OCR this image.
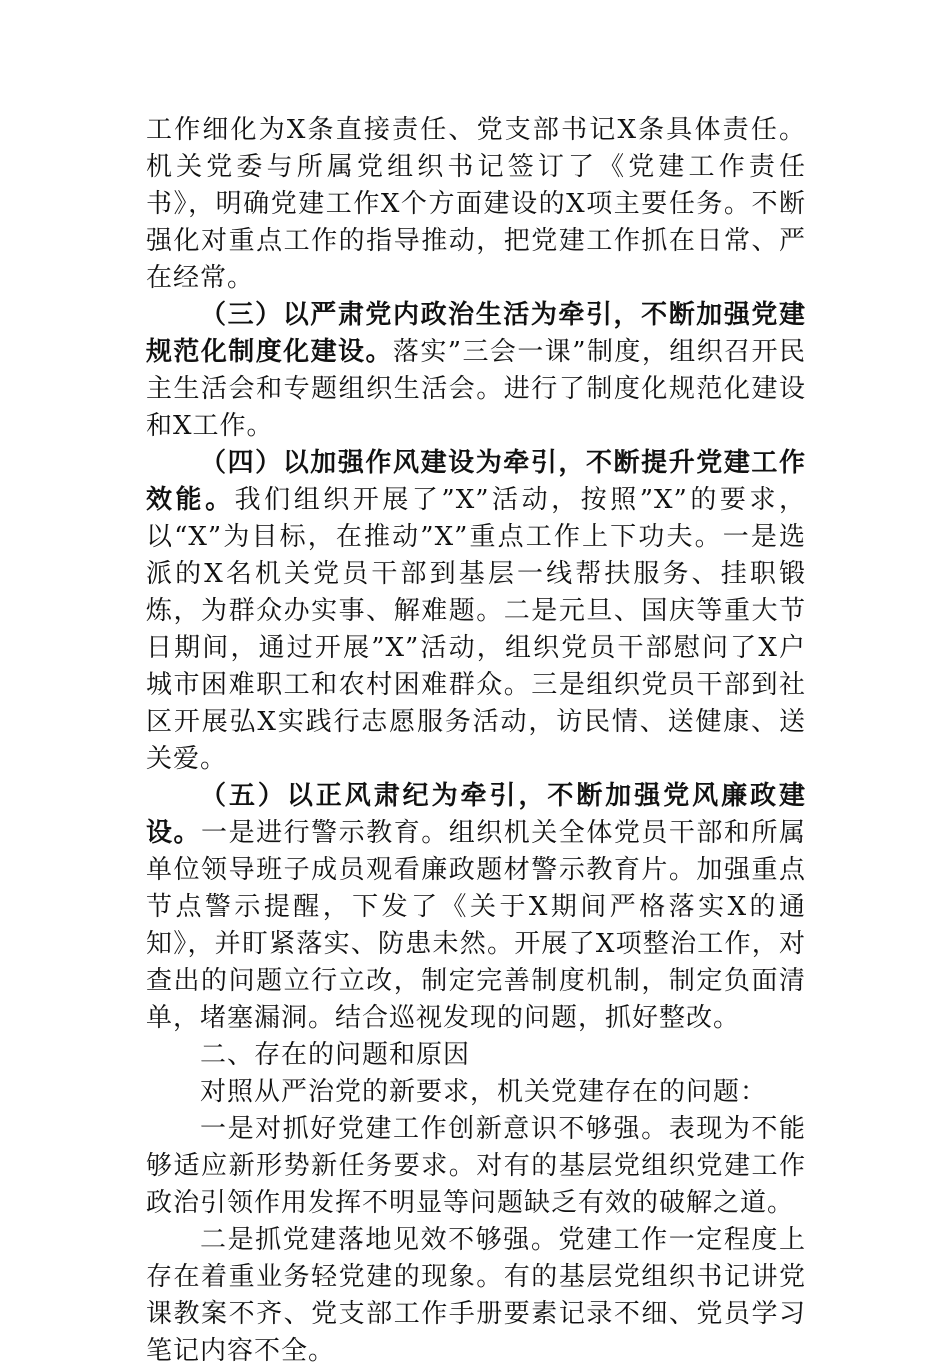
工作细化为X条直接责任、党支部书记X条具体责任。机关党委与所属党组织书记签订了《党建工作责任书》，明确党建工作X个方面建设的X项主要任务。不断强化对重点工作的指导推动，把党建工作抓在日常、严在经常。

（三）以严肃党内政治生活为牵引，不断加强党建规范化制度化建设。落实”三会一课”制度，组织召开民主生活会和专题组织生活会。进行了制度化规范化建设和X工作。

（四）以加强作风建设为牵引，不断提升党建工作效能。我们组织开展了”X”活动，按照”X”的要求，以“X”为目标，在推动”X”重点工作上下功夫。一是选派的X名机关党员干部到基层一线帮扶服务、挂职锻炼，为群众办实事、解难题。二是元旦、国庆等重大节日期间，通过开展”X”活动，组织党员干部慰问了X户城市困难职工和农村困难群众。三是组织党员干部到社区开展弘X实践行志愿服务活动，访民情、送健康、送关爱。

（五）以正风肃纪为牵引，不断加强党风廉政建设。一是进行警示教育。组织机关全体党员干部和所属单位领导班子成员观看廉政题材警示教育片。加强重点节点警示提醒，下发了《关于X期间严格落实X的通知》，并盯紧落实、防患未然。开展了X项整治工作，对查出的问题立行立改，制定完善制度机制，制定负面清单，堵塞漏洞。结合巡视发现的问题，抓好整改。

二、存在的问题和原因

对照从严治党的新要求，机关党建存在的问题：

一是对抓好党建工作创新意识不够强。表现为不能够适应新形势新任务要求。对有的基层党组织党建工作政治引领作用发挥不明显等问题缺乏有效的破解之道。

二是抓党建落地见效不够强。党建工作一定程度上存在着重业务轻党建的现象。有的基层党组织书记讲党课教案不齐、党支部工作手册要素记录不细、党员学习笔记内容不全。
